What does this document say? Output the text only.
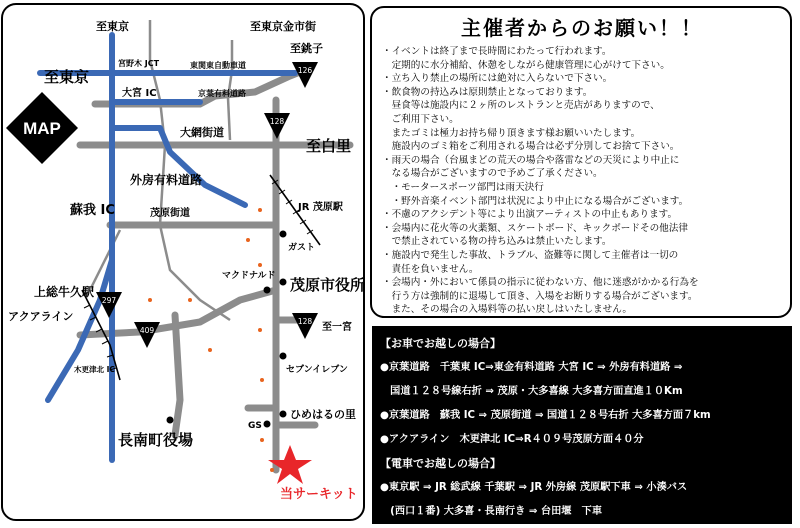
MAP
126
128
128
297
409
至東京
至東京
至東京金市街
至銚子
至白里
宮野木 JCT	東関東自動車道
大宮 IC	京葉有料道路
大網街道
外房有料道路
蘇我 IC	茂原街道
JR 茂原駅
ガスト
マクドナルド 茂原市役所
上総牛久駅
アクアライン
木更津北 IC
至一宮
セブンイレブン
GS
ひめはるの里
長南町役場
当サーキット
主催者からのお願い！！
・イベントは終了まで長時間にわたって行われます。
　定期的に水分補給、休憩をしながら健康管理に心がけて下さい。
・立ち入り禁止の場所には絶対に入らないで下さい。
・飲食物の持込みは原則禁止となっております。
　昼食等は施設内に２ヶ所のレストランと売店がありますので、
　ご利用下さい。
　またゴミは極力お持ち帰り頂きます様お願いいたします。
　施設内のゴミ箱をご利用される場合は必ず分別してお捨て下さい。
・雨天の場合（台風まどの荒天の場合や落雷などの天災により中止に
　なる場合がございますので予めご了承ください。
　・モータースポーツ部門は雨天決行
　・野外音楽イベント部門は状況により中止になる場合がございます。
・不慮のアクシデント等により出演アーティストの中止もあります。
・会場内に花火等の火薬類、スケートボード、キックボードその他法律
　で禁止されている物の持ち込みは禁止いたします。
・施設内で発生した事故、トラブル、盗難等に関して主催者は一切の
　責任を負いません。
・会場内・外において係員の指示に従わない方、他に迷惑がかかる行為を
　行う方は強制的に退場して頂き、入場をお断りする場合がございます。
　また、その場合の入場料等の払い戻しはいたしません。
【お車でお越しの場合】
●京葉道路　千葉東 IC⇒東金有料道路 大宮 IC ⇒ 外房有料道路 ⇒
　国道１２８号線右折 ⇒ 茂原・大多喜線 大多喜方面直進１０Km
●京葉道路　蘇我 IC ⇒ 茂原街道 ⇒ 国道１２８号右折 大多喜方面７km
●アクアライン　木更津北 IC⇒R４０９号茂原方面４０分
【電車でお越しの場合】
●東京駅 ⇒ JR 総武線 千葉駅 ⇒ JR 外房線 茂原駅下車 ⇒ 小湊バス
　(西口１番) 大多喜・長南行き ⇒ 台田堰　下車
